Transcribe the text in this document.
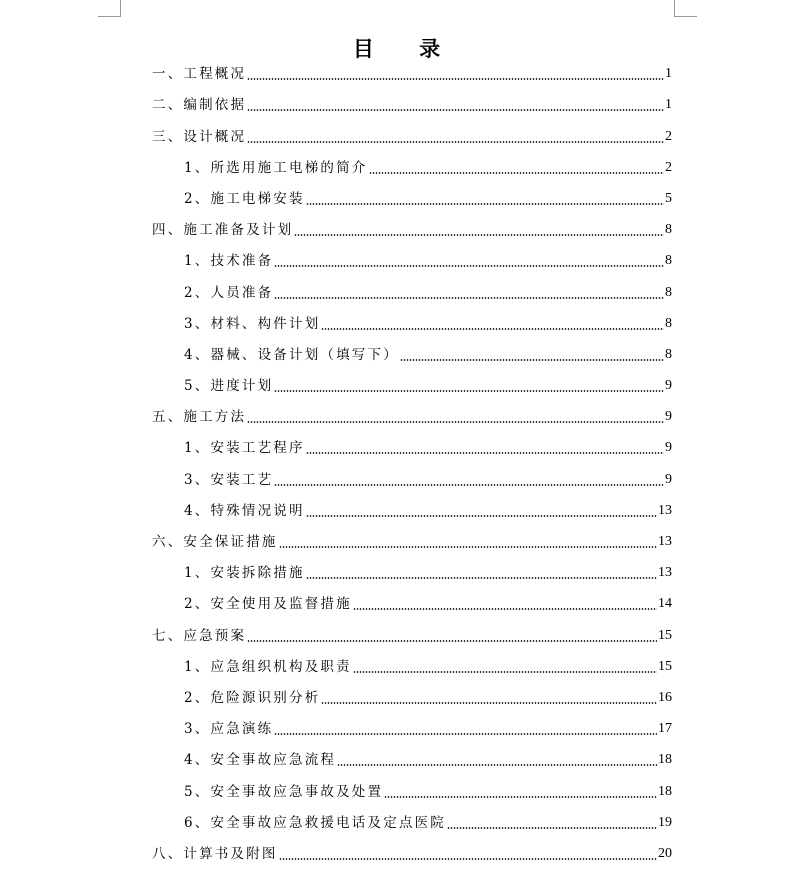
目 录
一、工程概况	1
二、编制依据	1
三、设计概况	2
1、所选用施工电梯的简介	2
2、施工电梯安装	5
四、施工准备及计划	8
1、技术准备	8
2、人员准备	8
3、材料、构件计划	8
4、器械、设备计划（填写下）	8
5、进度计划	9
五、施工方法	9
1、安装工艺程序	9
3、安装工艺	9
4、特殊情况说明	13
六、安全保证措施	13
1、安装拆除措施	13
2、安全使用及监督措施	14
七、应急预案	15
1、应急组织机构及职责	15
2、危险源识别分析	16
3、应急演练	17
4、安全事故应急流程	18
5、安全事故应急事故及处置	18
6、安全事故应急救援电话及定点医院	19
八、计算书及附图	20
